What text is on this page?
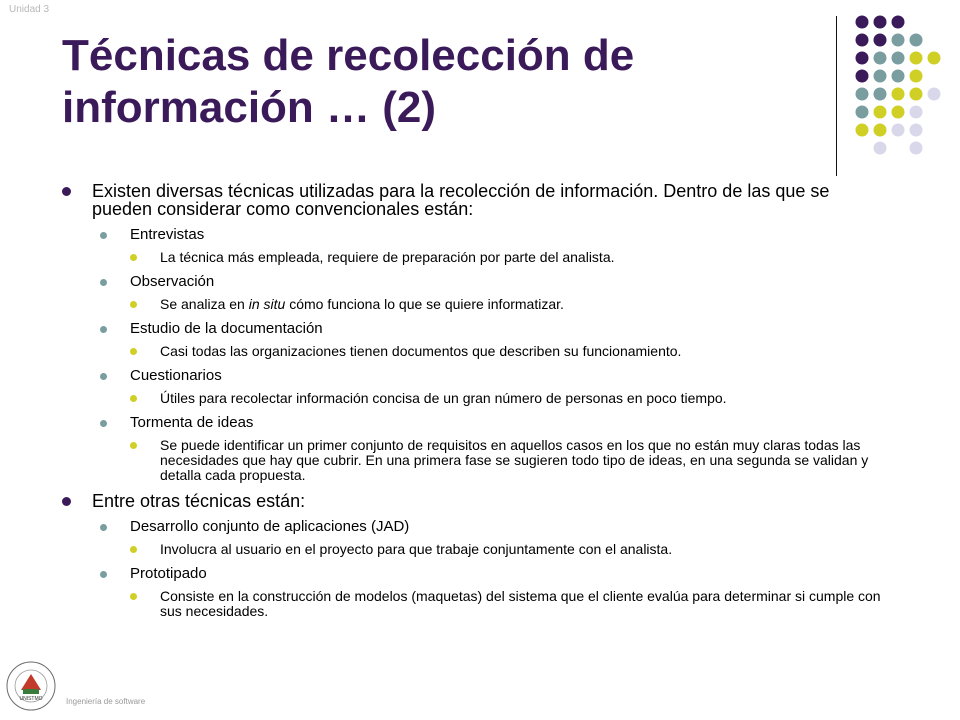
Unidad 3
Técnicas de recolección de
información … (2)
Existen diversas técnicas utilizadas para la recolección de información. Dentro de las que se pueden considerar como convencionales están:
Entrevistas
La técnica más empleada, requiere de preparación por parte del analista.
Observación
Se analiza en in situ cómo funciona lo que se quiere informatizar.
Estudio de la documentación
Casi todas las organizaciones tienen documentos que describen su funcionamiento.
Cuestionarios
Útiles para recolectar información concisa de un gran número de personas en poco tiempo.
Tormenta de ideas
Se puede identificar un primer conjunto de requisitos en aquellos casos en los que no están muy claras todas las necesidades que hay que cubrir. En una primera fase se sugieren todo tipo de ideas, en una segunda se validan y detalla cada propuesta.
Entre otras técnicas están:
Desarrollo conjunto de aplicaciones (JAD)
Involucra al usuario en el proyecto para que trabaje conjuntamente con el analista.
Prototipado
Consiste en la construcción de modelos (maquetas) del sistema que el cliente evalúa para determinar si cumple con sus necesidades.
UNISTMO	Ingeniería de software
